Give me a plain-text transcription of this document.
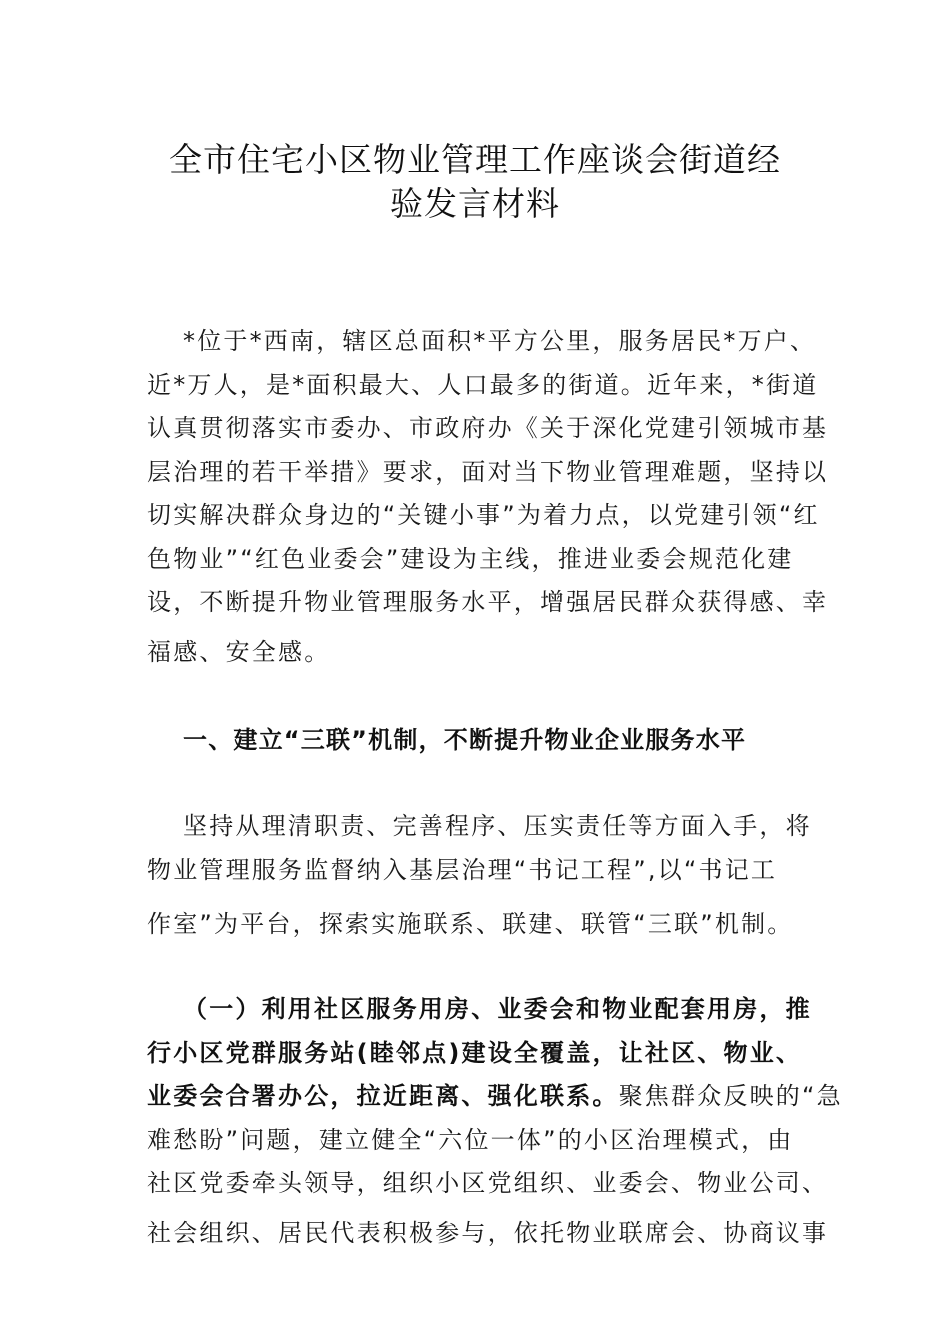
全市住宅小区物业管理工作座谈会街道经
验发言材料

*位于*西南，辖区总面积*平方公里，服务居民*万户、
近*万人，是*面积最大、人口最多的街道。近年来，*街道
认真贯彻落实市委办、市政府办《关于深化党建引领城市基
层治理的若干举措》要求，面对当下物业管理难题，坚持以
切实解决群众身边的“关键小事”为着力点，以党建引领“红
色物业”“红色业委会”建设为主线，推进业委会规范化建
设，不断提升物业管理服务水平，增强居民群众获得感、幸
福感、安全感。

一、建立“三联”机制，不断提升物业企业服务水平

坚持从理清职责、完善程序、压实责任等方面入手，将
物业管理服务监督纳入基层治理“书记工程”,以“书记工
作室”为平台，探索实施联系、联建、联管“三联”机制。

（一）利用社区服务用房、业委会和物业配套用房，推
行小区党群服务站(睦邻点)建设全覆盖，让社区、物业、
业委会合署办公，拉近距离、强化联系。聚焦群众反映的“急
难愁盼”问题，建立健全“六位一体”的小区治理模式，由
社区党委牵头领导，组织小区党组织、业委会、物业公司、
社会组织、居民代表积极参与，依托物业联席会、协商议事
